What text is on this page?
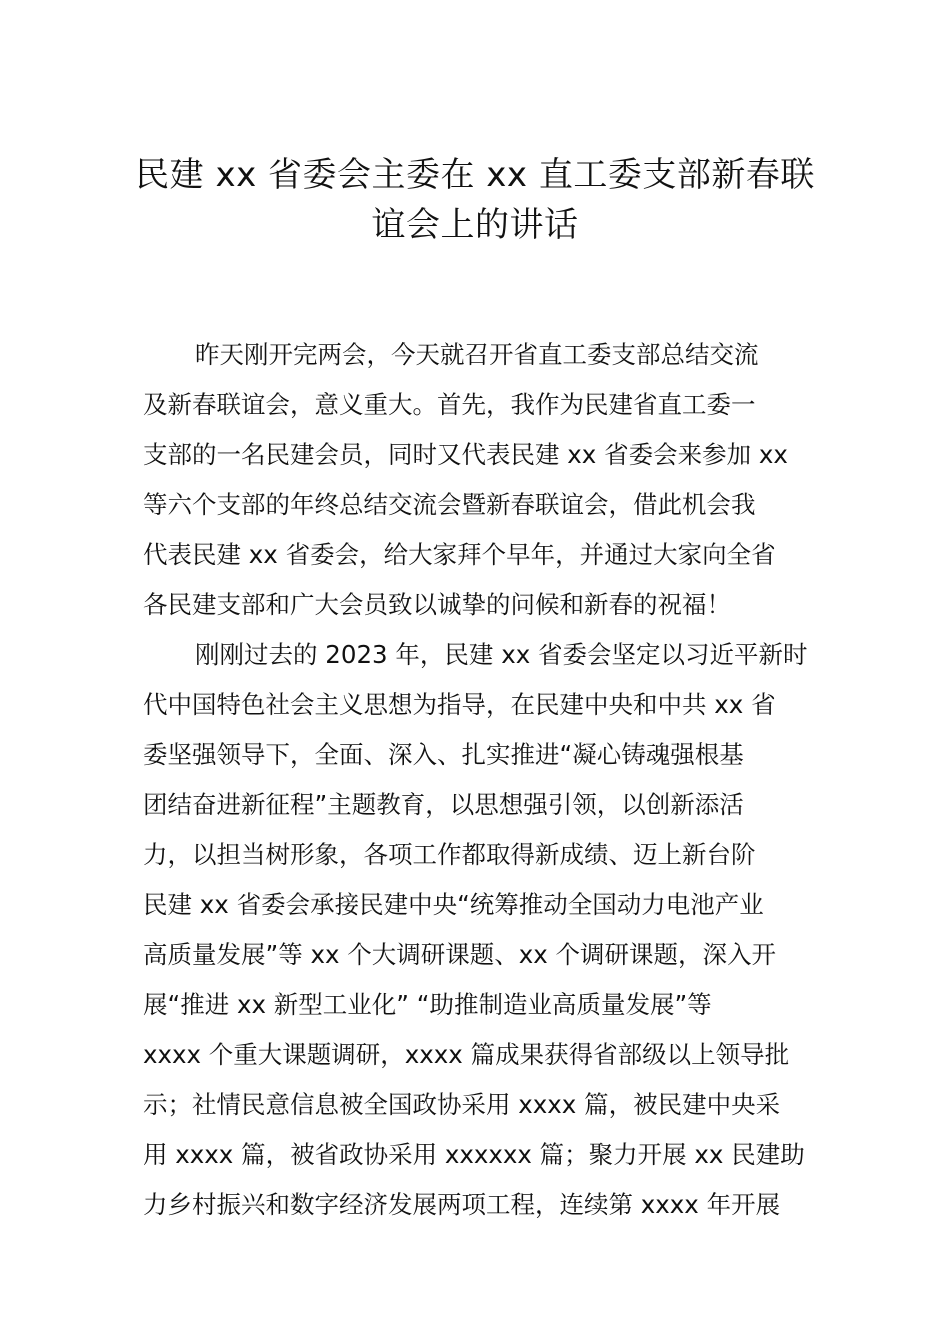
民建 xx 省委会主委在 xx 直工委支部新春联
谊会上的讲话
昨天刚开完两会，今天就召开省直工委支部总结交流
及新春联谊会，意义重大。首先，我作为民建省直工委一
支部的一名民建会员，同时又代表民建 xx 省委会来参加 xx
等六个支部的年终总结交流会暨新春联谊会，借此机会我
代表民建 xx 省委会，给大家拜个早年，并通过大家向全省
各民建支部和广大会员致以诚挚的问候和新春的祝福！
刚刚过去的 2023 年，民建 xx 省委会坚定以习近平新时
代中国特色社会主义思想为指导，在民建中央和中共 xx 省
委坚强领导下，全面、深入、扎实推进“凝心铸魂强根基
团结奋进新征程”主题教育，以思想强引领，以创新添活
力，以担当树形象，各项工作都取得新成绩、迈上新台阶
民建 xx 省委会承接民建中央“统筹推动全国动力电池产业
高质量发展”等 xx 个大调研课题、xx 个调研课题，深入开
展“推进 xx 新型工业化” “助推制造业高质量发展”等
xxxx 个重大课题调研，xxxx 篇成果获得省部级以上领导批
示；社情民意信息被全国政协采用 xxxx 篇，被民建中央采
用 xxxx 篇，被省政协采用 xxxxxx 篇；聚力开展 xx 民建助
力乡村振兴和数字经济发展两项工程，连续第 xxxx 年开展
